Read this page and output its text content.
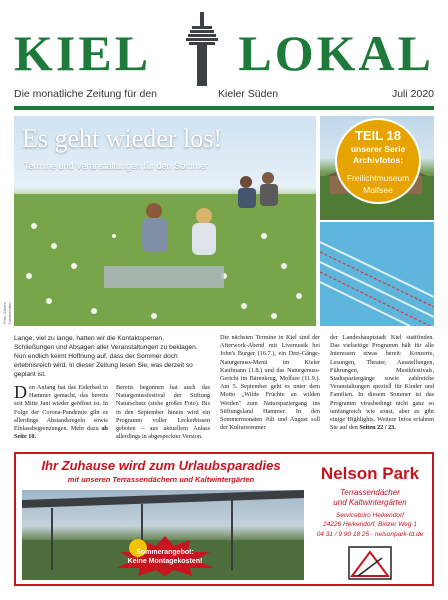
KIEL LOKAL
Die monatliche Zeitung für den	Kieler Süden	Juli 2020
Es geht wieder los!
Termine und Veranstaltungen für den Sommer
Foto: Ehlers Nachrichten
TEIL 18
unserer Serie
Archivfotos:
Freilichtmuseum
Molfsee
Lange, viel zu lange, hatten wir die Kontaktsperren, Schließungen und Absagen aller Veranstaltungen zu beklagen. Nun endlich keimt Hoffnung auf, dass der Sommer doch erlebnisreich wird. In dieser Zeitung lesen Sie, was derzeit so geplant ist.
Den Anfang hat das Eiderbad in Hammer gemacht, das bereits seit Mitte Juni wieder geöffnet ist. In Folge der Corona-Pandemie gibt es allerdings Abstandsregeln sowie Einlassbegrenzungen. Mehr dazu ab Seite 10.
Bereits begonnen hat auch das Naturgenussfestival der Stiftung Naturschutz (siehe großes Foto). Bis in den September hinein wird ein Programm voller Leckerbissen geboten – aus aktuellem Anlass allerdings in abgespeckter Version.
Die nächsten Termine in Kiel sind der Afterwork-Abend mit Livemusik bei John's Burger (16.7.), ein Drei-Gänge-Naturgenuss-Menü im Kieler Kaufmann (1.8.) und das Naturgenuss-Gericht im Bärenkrug, Molfsee (11.9.). Am 5. September geht es unter dem Motto „Wilde Früchte an wilden Weiden" zum Naturspaziergang ins Stiftungsland Hammer. In den Sommermonaten Juli und August soll der Kultursommer
der Landeshauptstadt Kiel stattfinden. Das vielseitige Programm hält für alle Interessen etwas bereit: Konzerte, Lesungen, Theater, Ausstellungen, Führungen, Musikfestivals, Stadtspaziergänge sowie zahlreiche Veranstaltungen speziell für Kinder und Familien. In diesem Sommer ist das Programm virusbedingt nicht ganz so umfangreich wie sonst, aber es gibt einige Highlights. Weitere Infos erfahren Sie auf den Seiten 22 / 23.
Ihr Zuhause wird zum Urlaubsparadies
mit unseren Terrassendächern und Kaltwintergärten
Sommerangebot:
Keine Montagekosten!
Nelson Park
Terrassendächer
und Kaltwintergärten
Servicebüro Heikendorf
24226 Heikendorf, Binzer Weg 1
04 31 / 9 90 18 25 · nelsonpark-td.de
